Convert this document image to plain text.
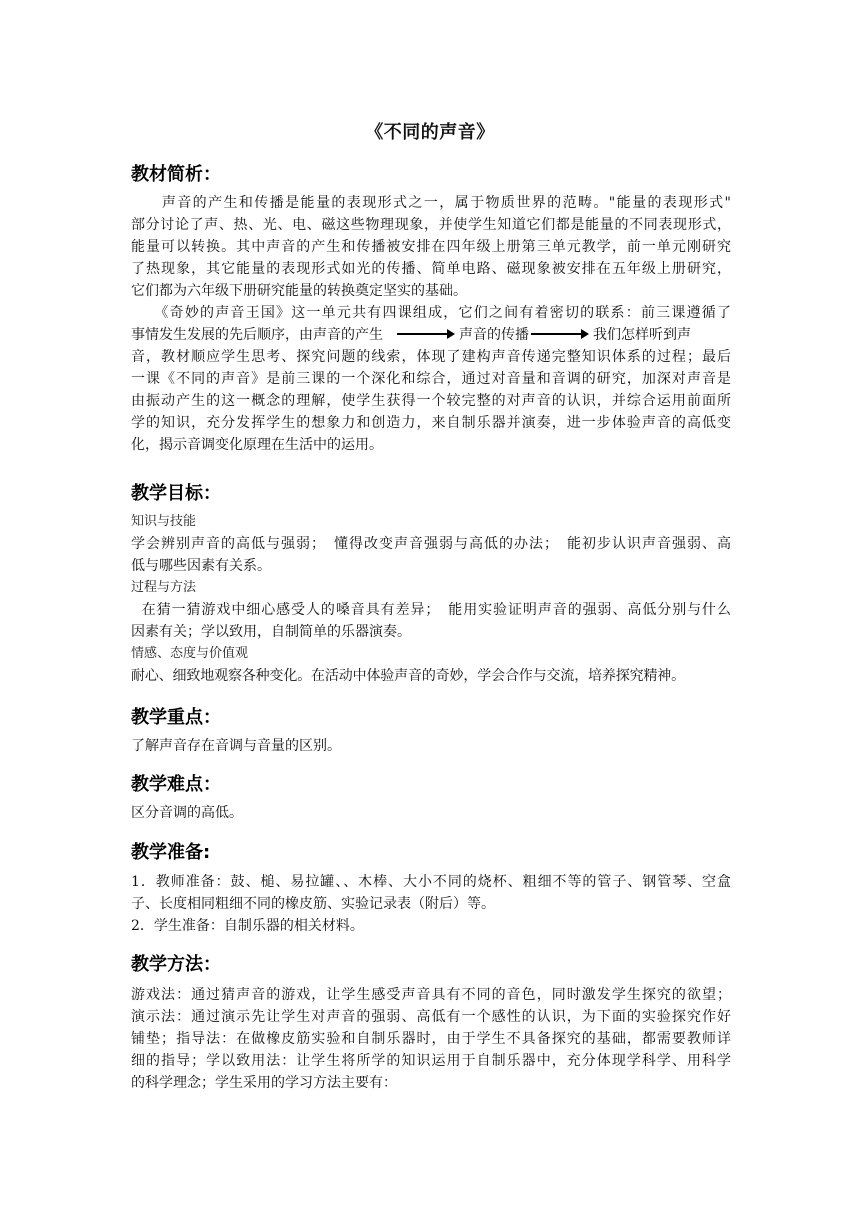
《不同的声音》
教材简析：
　　声音的产生和传播是能量的表现形式之一，属于物质世界的范畴。"能量的表现形式"
部分讨论了声、热、光、电、磁这些物理现象，并使学生知道它们都是能量的不同表现形式，
能量可以转换。其中声音的产生和传播被安排在四年级上册第三单元教学，前一单元刚研究
了热现象，其它能量的表现形式如光的传播、简单电路、磁现象被安排在五年级上册研究，
它们都为六年级下册研究能量的转换奠定坚实的基础。
　　《奇妙的声音王国》这一单元共有四课组成，它们之间有着密切的联系：前三课遵循了
事情发生发展的先后顺序，由声音的产生	声音的传播	我们怎样听到声
音，教材顺应学生思考、探究问题的线索，体现了建构声音传递完整知识体系的过程；最后
一课《不同的声音》是前三课的一个深化和综合，通过对音量和音调的研究，加深对声音是
由振动产生的这一概念的理解，使学生获得一个较完整的对声音的认识，并综合运用前面所
学的知识，充分发挥学生的想象力和创造力，来自制乐器并演奏，进一步体验声音的高低变
化，揭示音调变化原理在生活中的运用。
教学目标：
知识与技能
学会辨别声音的高低与强弱；　懂得改变声音强弱与高低的办法；　能初步认识声音强弱、高
低与哪些因素有关系。
过程与方法
在猜一猜游戏中细心感受人的嗓音具有差异；　能用实验证明声音的强弱、高低分别与什么
因素有关；学以致用，自制简单的乐器演奏。
情感、态度与价值观
耐心、细致地观察各种变化。在活动中体验声音的奇妙，学会合作与交流，培养探究精神。
教学重点：
了解声音存在音调与音量的区别。
教学难点：
区分音调的高低。
教学准备:
1．教师准备：鼓、槌、易拉罐、、木棒、大小不同的烧杯、粗细不等的管子、钢管琴、空盒
子、长度相同粗细不同的橡皮筋、实验记录表（附后）等。
2．学生准备：自制乐器的相关材料。
教学方法：
游戏法：通过猜声音的游戏，让学生感受声音具有不同的音色，同时激发学生探究的欲望；
演示法：通过演示先让学生对声音的强弱、高低有一个感性的认识，为下面的实验探究作好
铺垫；指导法：在做橡皮筋实验和自制乐器时，由于学生不具备探究的基础，都需要教师详
细的指导；学以致用法：让学生将所学的知识运用于自制乐器中，充分体现学科学、用科学
的科学理念；学生采用的学习方法主要有：
